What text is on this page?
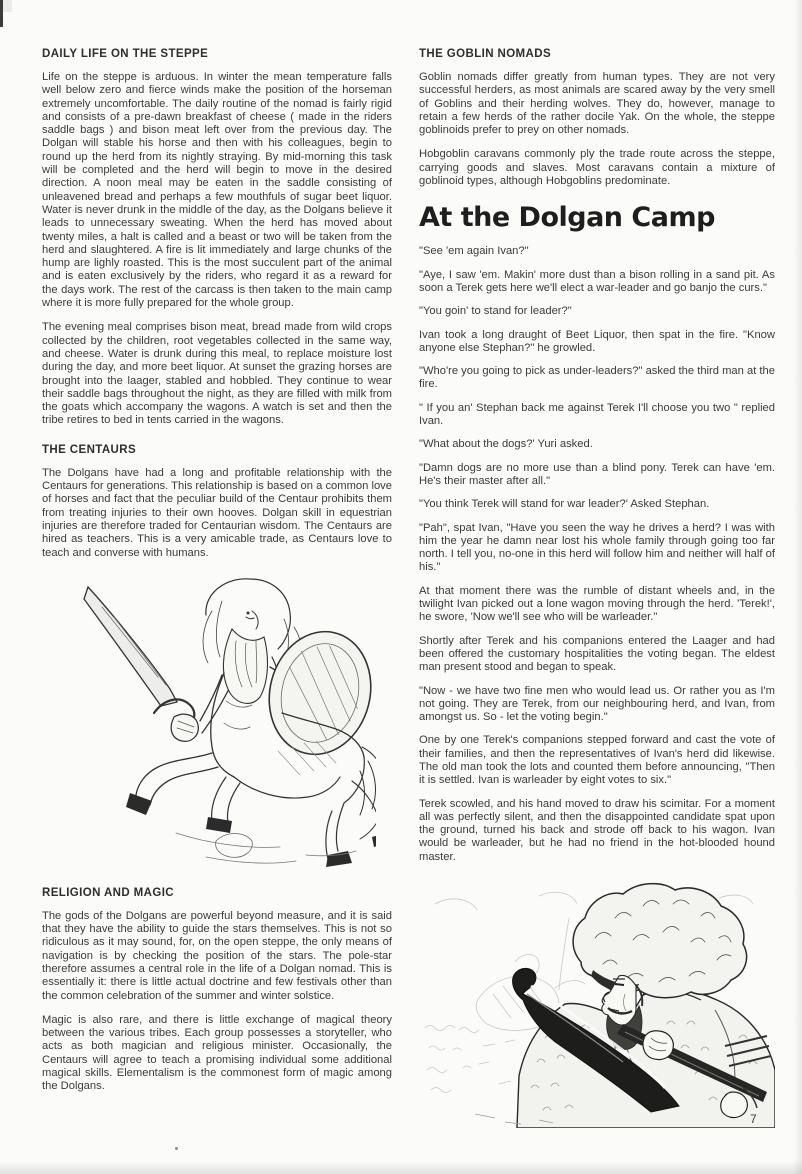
DAILY LIFE ON THE STEPPE

Life on the steppe is arduous. In winter the mean temperature falls well below zero and fierce winds make the position of the horseman extremely uncomfortable. The daily routine of the nomad is fairly rigid and consists of a pre-dawn breakfast of cheese ( made in the riders saddle bags ) and bison meat left over from the previous day. The Dolgan will stable his horse and then with his colleagues, begin to round up the herd from its nightly straying. By mid-morning this task will be completed and the herd will begin to move in the desired direction. A noon meal may be eaten in the saddle consisting of unleavened bread and perhaps a few mouthfuls of sugar beet liquor. Water is never drunk in the middle of the day, as the Dolgans believe it leads to unnecessary sweating. When the herd has moved about twenty miles, a halt is called and a beast or two will be taken from the herd and slaughtered. A fire is lit immediately and large chunks of the hump are lighly roasted. This is the most succulent part of the animal and is eaten exclusively by the riders, who regard it as a reward for the days work. The rest of the carcass is then taken to the main camp where it is more fully prepared for the whole group.

The evening meal comprises bison meat, bread made from wild crops collected by the children, root vegetables collected in the same way, and cheese. Water is drunk during this meal, to replace moisture lost during the day, and more beet liquor. At sunset the grazing horses are brought into the laager, stabled and hobbled. They continue to wear their saddle bags throughout the night, as they are filled with milk from the goats which accompany the wagons. A watch is set and then the tribe retires to bed in tents carried in the wagons.

THE CENTAURS

The Dolgans have had a long and profitable relationship with the Centaurs for generations. This relationship is based on a common love of horses and fact that the peculiar build of the Centaur prohibits them from treating injuries to their own hooves. Dolgan skill in equestrian injuries are therefore traded for Centaurian wisdom. The Centaurs are hired as teachers. This is a very amicable trade, as Centaurs love to teach and converse with humans.

RELIGION AND MAGIC

The gods of the Dolgans are powerful beyond measure, and it is said that they have the ability to guide the stars themselves. This is not so ridiculous as it may sound, for, on the open steppe, the only means of navigation is by checking the position of the stars. The pole-star therefore assumes a central role in the life of a Dolgan nomad. This is essentially it: there is little actual doctrine and few festivals other than the common celebration of the summer and winter solstice.

Magic is also rare, and there is little exchange of magical theory between the various tribes. Each group possesses a storyteller, who acts as both magician and religious minister. Occasionally, the Centaurs will agree to teach a promising individual some additional magical skills. Elementalism is the commonest form of magic among the Dolgans.

THE GOBLIN NOMADS

Goblin nomads differ greatly from human types. They are not very successful herders, as most animals are scared away by the very smell of Goblins and their herding wolves. They do, however, manage to retain a few herds of the rather docile Yak. On the whole, the steppe goblinoids prefer to prey on other nomads.

Hobgoblin caravans commonly ply the trade route across the steppe, carrying goods and slaves. Most caravans contain a mixture of goblinoid types, although Hobgoblins predominate.

At the Dolgan Camp

"See 'em again Ivan?"

"Aye, I saw 'em. Makin' more dust than a bison rolling in a sand pit. As soon a Terek gets here we'll elect a war-leader and go banjo the curs."

"You goin' to stand for leader?"

Ivan took a long draught of Beet Liquor, then spat in the fire. "Know anyone else Stephan?" he growled.

"Who're you going to pick as under-leaders?" asked the third man at the fire.

" If you an' Stephan back me against Terek I'll choose you two " replied Ivan.

"What about the dogs?' Yuri asked.

"Damn dogs are no more use than a blind pony. Terek can have 'em. He's their master after all."

"You think Terek will stand for war leader?' Asked Stephan.

"Pah", spat Ivan, "Have you seen the way he drives a herd? I was with him the year he damn near lost his whole family through going too far north. I tell you, no-one in this herd will follow him and neither will half of his."

At that moment there was the rumble of distant wheels and, in the twilight Ivan picked out a lone wagon moving through the herd. 'Terek!', he swore, 'Now we'll see who will be warleader."

Shortly after Terek and his companions entered the Laager and had been offered the customary hospitalities the voting began. The eldest man present stood and began to speak.

"Now - we have two fine men who would lead us. Or rather you as I'm not going. They are Terek, from our neighbouring herd, and Ivan, from amongst us. So - let the voting begin."

One by one Terek's companions stepped forward and cast the vote of their families, and then the representatives of Ivan's herd did likewise. The old man took the lots and counted them before announcing, "Then it is settled. Ivan is warleader by eight votes to six."

Terek scowled, and his hand moved to draw his scimitar. For a moment all was perfectly silent, and then the disappointed candidate spat upon the ground, turned his back and strode off back to his wagon. Ivan would be warleader, but he had no friend in the hot-blooded hound master.

7
